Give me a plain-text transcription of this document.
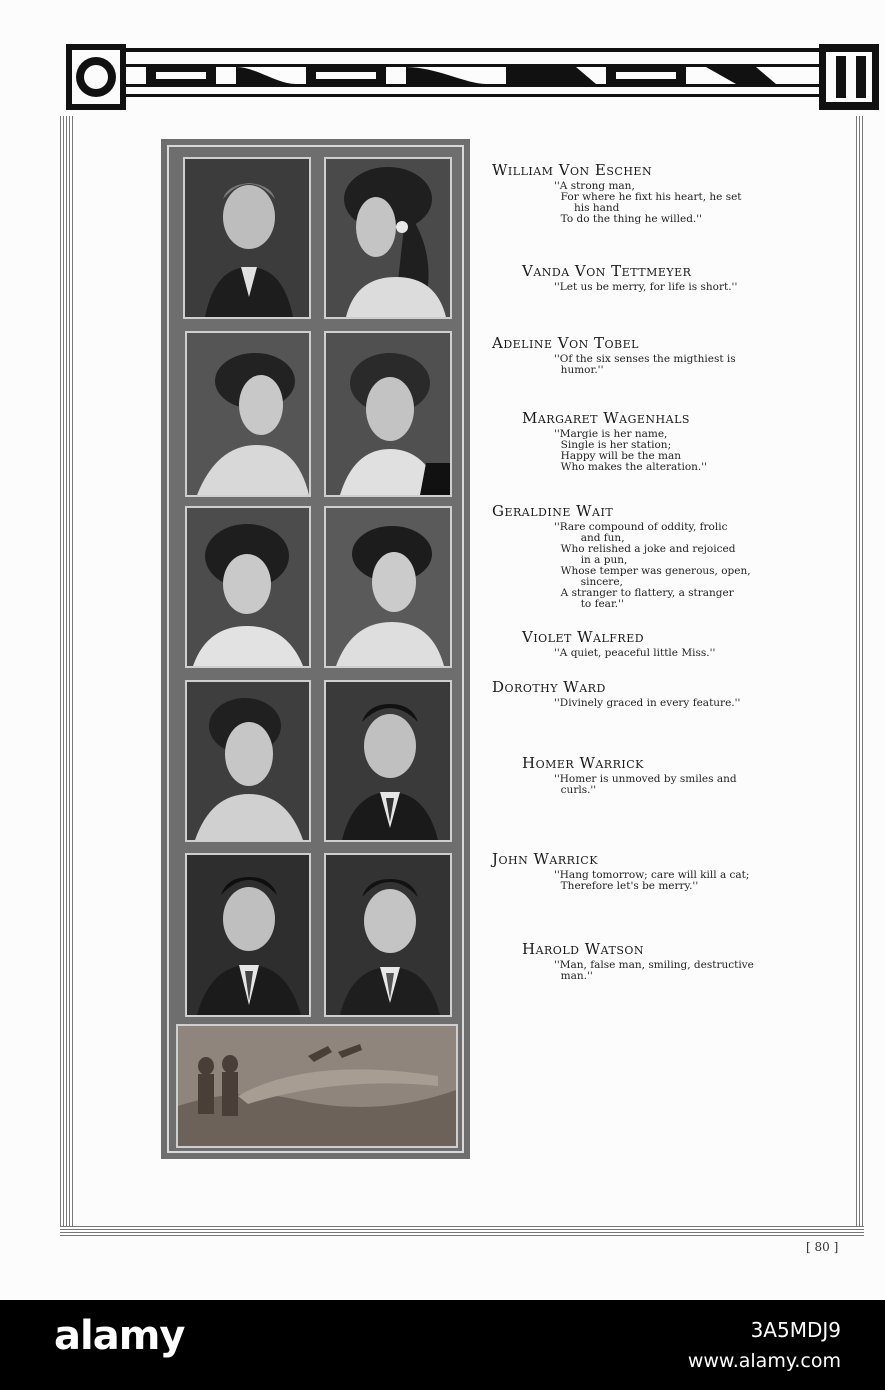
William Von Eschen
''A strong man,
For where he fixt his heart, he set
his hand
To do the thing he willed.''
Vanda Von Tettmeyer
''Let us be merry, for life is short.''
Adeline Von Tobel
''Of the six senses the migthiest is
humor.''
Margaret Wagenhals
''Margie is her name,
Single is her station;
Happy will be the man
Who makes the alteration.''
Geraldine Wait
''Rare compound of oddity, frolic
and fun,
Who relished a joke and rejoiced
in a pun,
Whose temper was generous, open,
sincere,
A stranger to flattery, a stranger
to fear.''
Violet Walfred
''A quiet, peaceful little Miss.''
Dorothy Ward
''Divinely graced in every feature.''
Homer Warrick
''Homer is unmoved by smiles and
curls.''
John Warrick
''Hang tomorrow; care will kill a cat;
Therefore let's be merry.''
Harold Watson
''Man, false man, smiling, destructive
man.''
[ 80 ]
alamy	3A5MDJ9
www.alamy.com
